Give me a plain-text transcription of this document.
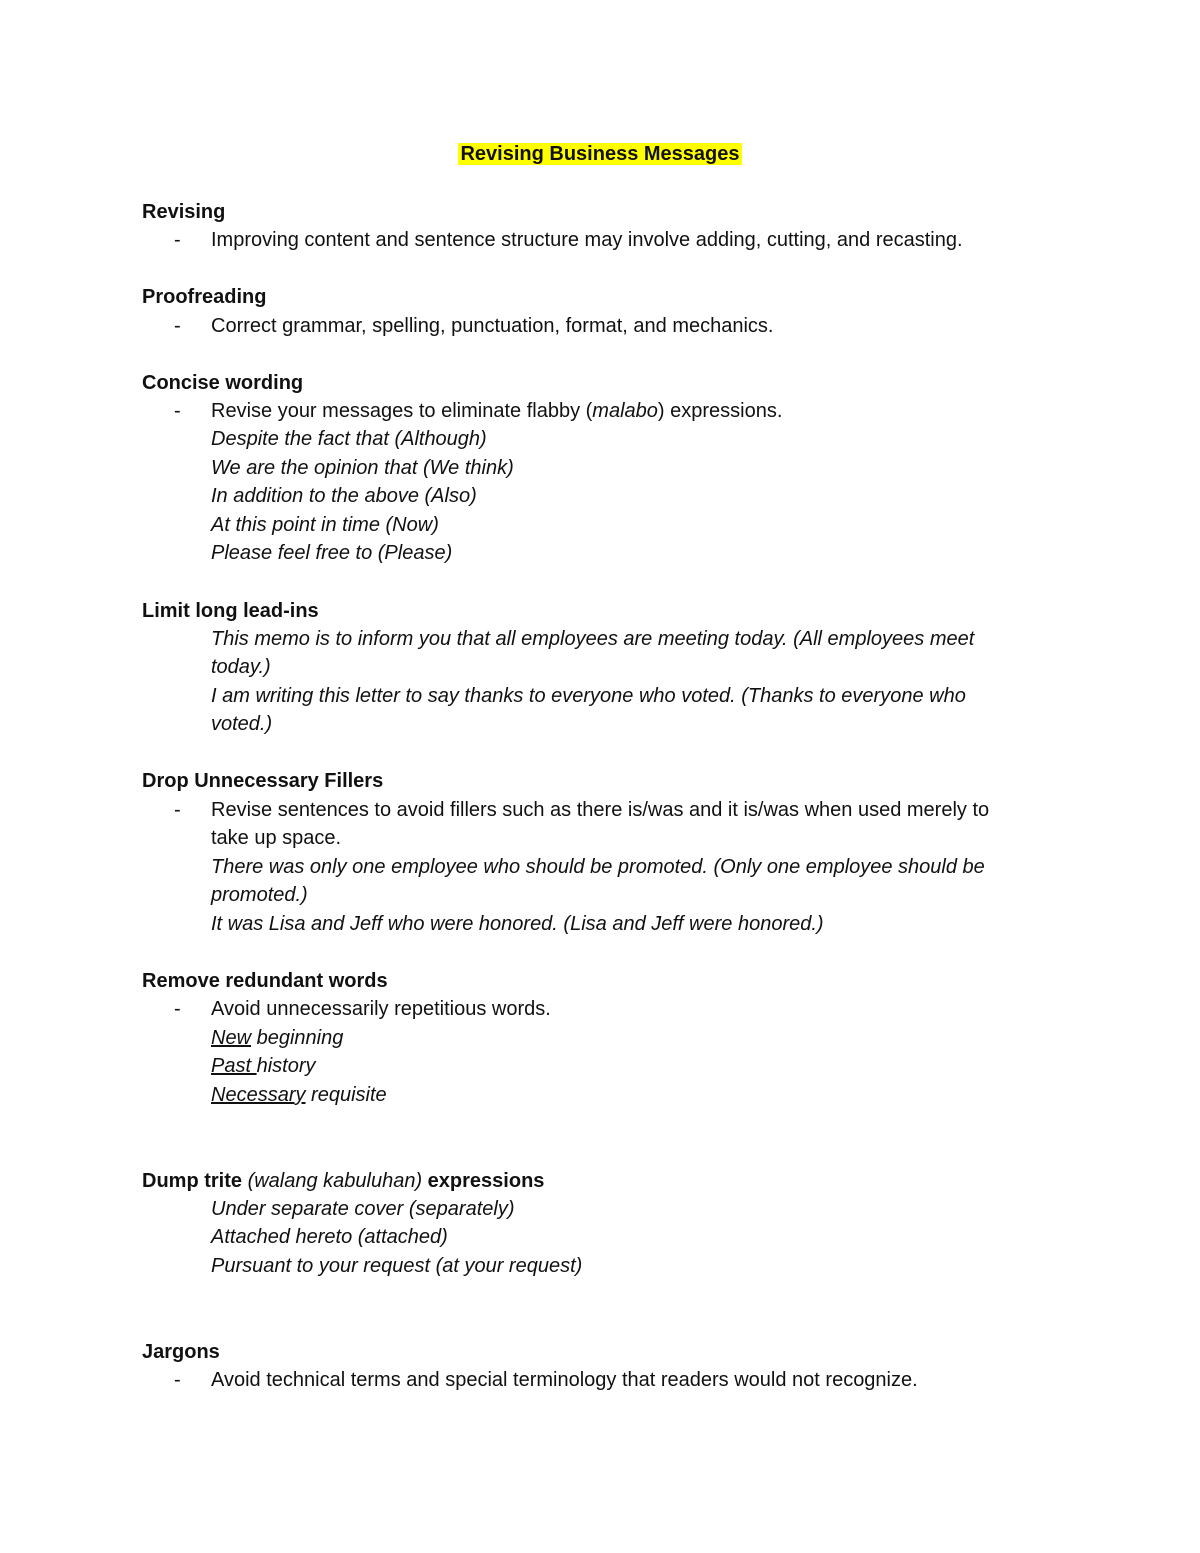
Revising Business Messages
Revising
- Improving content and sentence structure may involve adding, cutting, and recasting.
Proofreading
- Correct grammar, spelling, punctuation, format, and mechanics.
Concise wording
- Revise your messages to eliminate flabby (malabo) expressions.
Despite the fact that (Although)
We are the opinion that (We think)
In addition to the above (Also)
At this point in time (Now)
Please feel free to (Please)
Limit long lead-ins
This memo is to inform you that all employees are meeting today. (All employees meet
today.)
I am writing this letter to say thanks to everyone who voted. (Thanks to everyone who
voted.)
Drop Unnecessary Fillers
- Revise sentences to avoid fillers such as there is/was and it is/was when used merely to
take up space.
There was only one employee who should be promoted. (Only one employee should be
promoted.)
It was Lisa and Jeff who were honored. (Lisa and Jeff were honored.)
Remove redundant words
- Avoid unnecessarily repetitious words.
New beginning
Past history
Necessary requisite
Dump trite (walang kabuluhan) expressions
Under separate cover (separately)
Attached hereto (attached)
Pursuant to your request (at your request)
Jargons
- Avoid technical terms and special terminology that readers would not recognize.
